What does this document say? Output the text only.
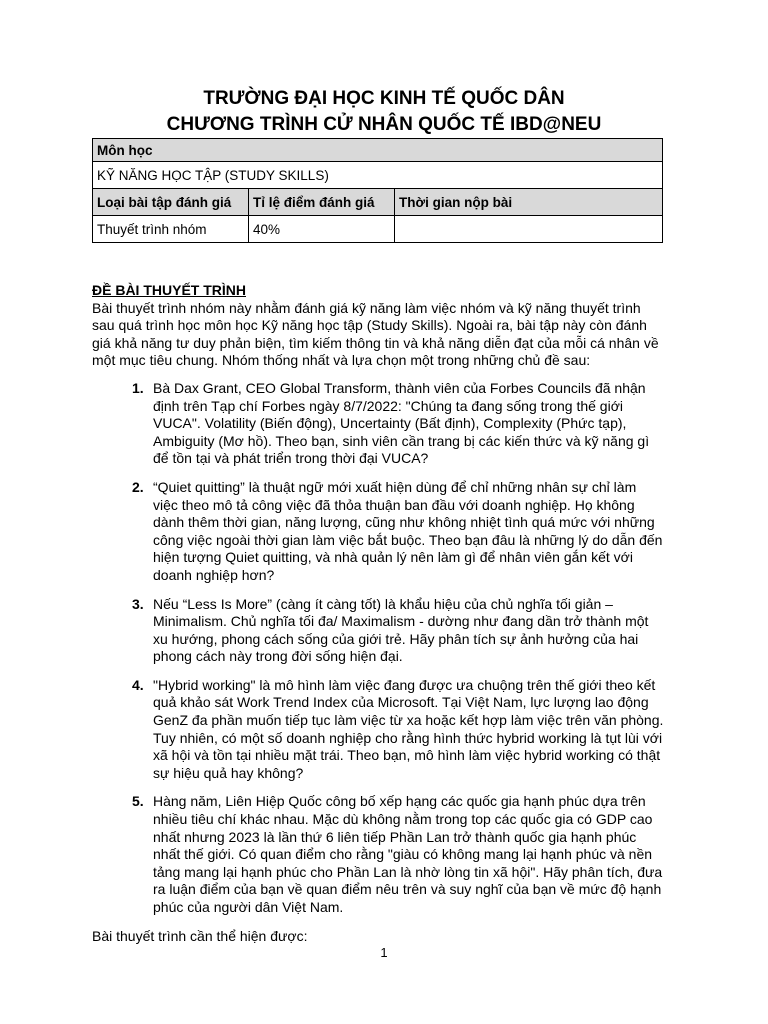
TRƯỜNG ĐẠI HỌC KINH TẾ QUỐC DÂN
CHƯƠNG TRÌNH CỬ NHÂN QUỐC TẾ IBD@NEU
Môn học		
KỸ NĂNG HỌC TẬP (STUDY SKILLS)		
Loại bài tập đánh giá	Tỉ lệ điểm đánh giá	Thời gian nộp bài
Thuyết trình nhóm	40%	
ĐỀ BÀI THUYẾT TRÌNH
Bài thuyết trình nhóm này nhằm đánh giá kỹ năng làm việc nhóm và kỹ năng thuyết trình sau quá trình học môn học Kỹ năng học tập (Study Skills). Ngoài ra, bài tập này còn đánh giá khả năng tư duy phản biện, tìm kiếm thông tin và khả năng diễn đạt của mỗi cá nhân về một mục tiêu chung. Nhóm thống nhất và lựa chọn một trong những chủ đề sau:
1. Bà Dax Grant, CEO Global Transform, thành viên của Forbes Councils đã nhận định trên Tạp chí Forbes ngày 8/7/2022: "Chúng ta đang sống trong thế giới VUCA". Volatility (Biến động), Uncertainty (Bất định), Complexity (Phức tạp), Ambiguity (Mơ hồ). Theo bạn, sinh viên cần trang bị các kiến thức và kỹ năng gì để tồn tại và phát triển trong thời đại VUCA?
2. “Quiet quitting” là thuật ngữ mới xuất hiện dùng để chỉ những nhân sự chỉ làm việc theo mô tả công việc đã thỏa thuận ban đầu với doanh nghiệp. Họ không dành thêm thời gian, năng lượng, cũng như không nhiệt tình quá mức với những công việc ngoài thời gian làm việc bắt buộc. Theo bạn đâu là những lý do dẫn đến hiện tượng Quiet quitting, và nhà quản lý nên làm gì để nhân viên gắn kết với doanh nghiệp hơn?
3. Nếu “Less Is More” (càng ít càng tốt) là khẩu hiệu của chủ nghĩa tối giản – Minimalism. Chủ nghĩa tối đa/ Maximalism - dường như đang dần trở thành một xu hướng, phong cách sống của giới trẻ. Hãy phân tích sự ảnh hưởng của hai phong cách này trong đời sống hiện đại.
4. "Hybrid working" là mô hình làm việc đang được ưa chuộng trên thế giới theo kết quả khảo sát Work Trend Index của Microsoft. Tại Việt Nam, lực lượng lao động GenZ đa phần muốn tiếp tục làm việc từ xa hoặc kết hợp làm việc trên văn phòng. Tuy nhiên, có một số doanh nghiệp cho rằng hình thức hybrid working là tụt lùi với xã hội và tồn tại nhiều mặt trái. Theo bạn, mô hình làm việc hybrid working có thật sự hiệu quả hay không?
5. Hàng năm, Liên Hiệp Quốc công bố xếp hạng các quốc gia hạnh phúc dựa trên nhiều tiêu chí khác nhau. Mặc dù không nằm trong top các quốc gia có GDP cao nhất nhưng 2023 là lần thứ 6 liên tiếp Phần Lan trở thành quốc gia hạnh phúc nhất thế giới. Có quan điểm cho rằng "giàu có không mang lại hạnh phúc và nền tảng mang lại hạnh phúc cho Phần Lan là nhờ lòng tin xã hội". Hãy phân tích, đưa ra luận điểm của bạn về quan điểm nêu trên và suy nghĩ của bạn về mức độ hạnh phúc của người dân Việt Nam.
Bài thuyết trình cần thể hiện được:
1
